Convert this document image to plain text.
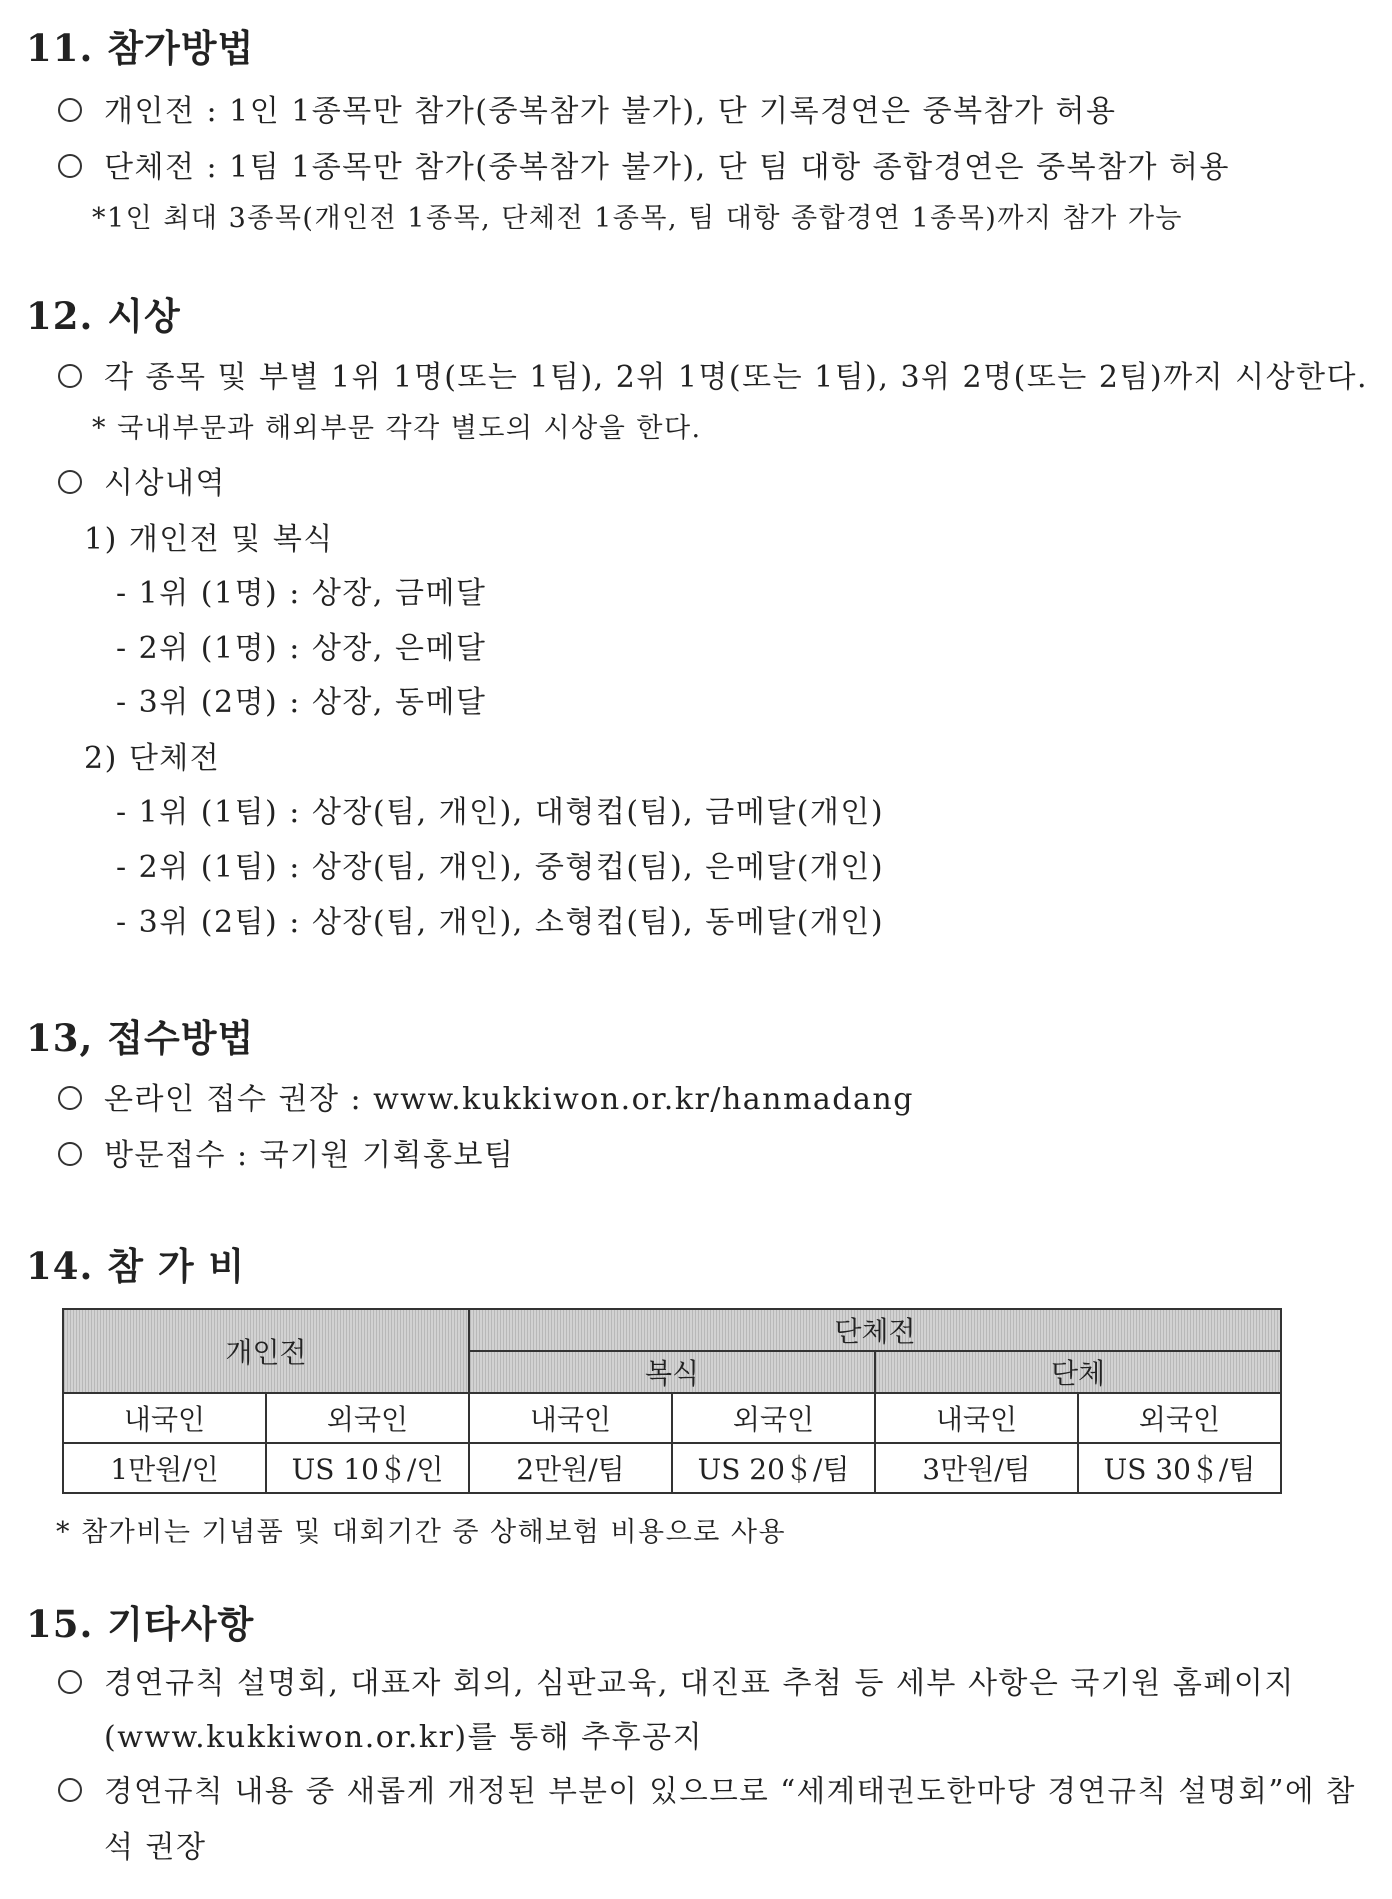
11. 참가방법
개인전 : 1인 1종목만 참가(중복참가 불가), 단 기록경연은 중복참가 허용
단체전 : 1팀 1종목만 참가(중복참가 불가), 단 팀 대항 종합경연은 중복참가 허용
*1인 최대 3종목(개인전 1종목, 단체전 1종목, 팀 대항 종합경연 1종목)까지 참가 가능
12. 시상
각 종목 및 부별 1위 1명(또는 1팀), 2위 1명(또는 1팀), 3위 2명(또는 2팀)까지 시상한다.
* 국내부문과 해외부문 각각 별도의 시상을 한다.
시상내역
1) 개인전 및 복식
- 1위 (1명) : 상장, 금메달
- 2위 (1명) : 상장, 은메달
- 3위 (2명) : 상장, 동메달
2) 단체전
- 1위 (1팀) : 상장(팀, 개인), 대형컵(팀), 금메달(개인)
- 2위 (1팀) : 상장(팀, 개인), 중형컵(팀), 은메달(개인)
- 3위 (2팀) : 상장(팀, 개인), 소형컵(팀), 동메달(개인)
13, 접수방법
온라인 접수 권장 : www.kukkiwon.or.kr/hanmadang
방문접수 : 국기원 기획홍보팀
14. 참 가 비
개인전		단체전			
		복식		단체	
내국인	외국인	내국인	외국인	내국인	외국인
1만원/인	US 10＄/인	2만원/팀	US 20＄/팀	3만원/팀	US 30＄/팀
* 참가비는 기념품 및 대회기간 중 상해보험 비용으로 사용
15. 기타사항
경연규칙 설명회, 대표자 회의, 심판교육, 대진표 추첨 등 세부 사항은 국기원 홈페이지
(www.kukkiwon.or.kr)를 통해 추후공지
경연규칙 내용 중 새롭게 개정된 부분이 있으므로 “세계태권도한마당 경연규칙 설명회”에 참
석 권장
